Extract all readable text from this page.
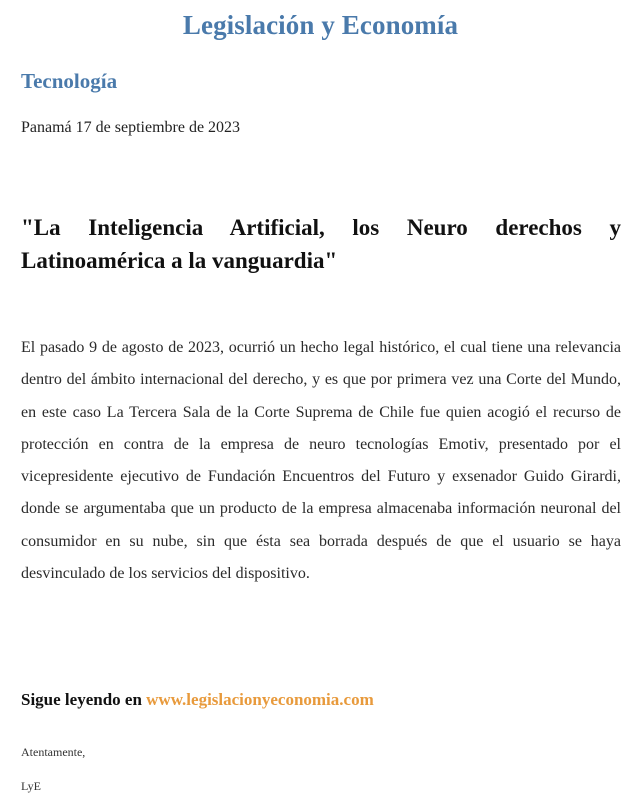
Legislación y Economía
Tecnología
Panamá 17 de septiembre de 2023
"La Inteligencia Artificial, los Neuro derechos y Latinoamérica a la vanguardia"

El pasado 9 de agosto de 2023, ocurrió un hecho legal histórico, el cual tiene una relevancia dentro del ámbito internacional del derecho, y es que por primera vez una Corte del Mundo, en este caso La Tercera Sala de la Corte Suprema de Chile fue quien acogió el recurso de protección en contra de la empresa de neuro tecnologías Emotiv, presentado por el vicepresidente ejecutivo de Fundación Encuentros del Futuro y exsenador Guido Girardi, donde se argumentaba que un producto de la empresa almacenaba información neuronal del consumidor en su nube, sin que ésta sea borrada después de que el usuario se haya desvinculado de los servicios del dispositivo.

Sigue leyendo en www.legislacionyeconomia.com
Atentamente,
LyE
